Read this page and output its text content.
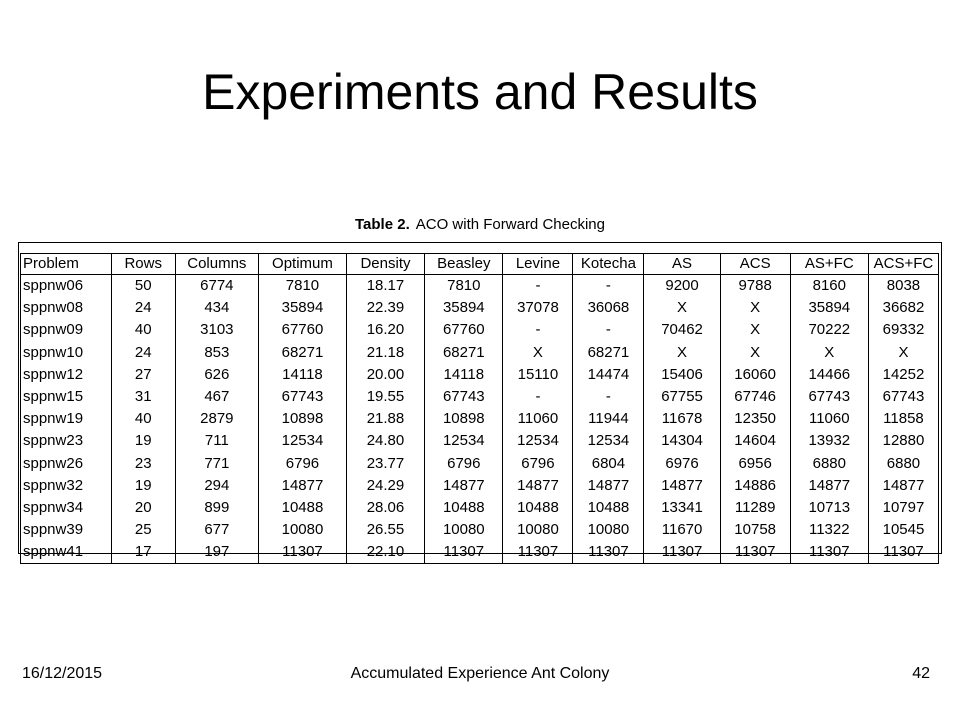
Experiments and Results
Table 2. ACO with Forward Checking
Problem	Rows	Columns	Optimum	Density	Beasley	Levine	Kotecha	AS	ACS	AS+FC	ACS+FC
sppnw06	50	6774	7810	18.17	7810	-	-	9200	9788	8160	8038
sppnw08	24	434	35894	22.39	35894	37078	36068	X	X	35894	36682
sppnw09	40	3103	67760	16.20	67760	-	-	70462	X	70222	69332
sppnw10	24	853	68271	21.18	68271	X	68271	X	X	X	X
sppnw12	27	626	14118	20.00	14118	15110	14474	15406	16060	14466	14252
sppnw15	31	467	67743	19.55	67743	-	-	67755	67746	67743	67743
sppnw19	40	2879	10898	21.88	10898	11060	11944	11678	12350	11060	11858
sppnw23	19	711	12534	24.80	12534	12534	12534	14304	14604	13932	12880
sppnw26	23	771	6796	23.77	6796	6796	6804	6976	6956	6880	6880
sppnw32	19	294	14877	24.29	14877	14877	14877	14877	14886	14877	14877
sppnw34	20	899	10488	28.06	10488	10488	10488	13341	11289	10713	10797
sppnw39	25	677	10080	26.55	10080	10080	10080	11670	10758	11322	10545
sppnw41	17	197	11307	22.10	11307	11307	11307	11307	11307	11307	11307
16/12/2015	Accumulated Experience Ant Colony	42
